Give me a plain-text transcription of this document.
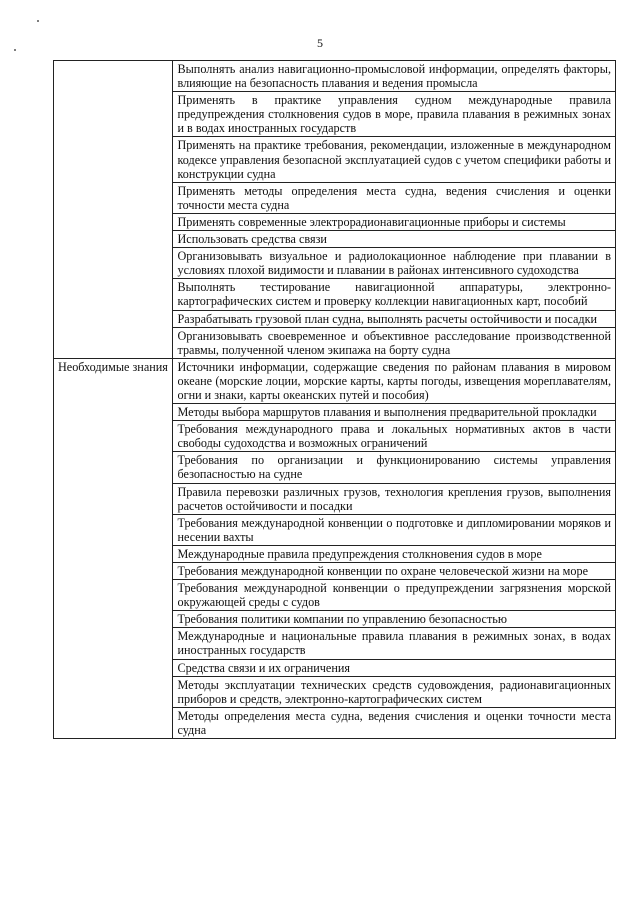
5
	Выполнять анализ навигационно-промысловой информации, определять факторы, влияющие на безопасность плавания и ведения промысла
	Применять в практике управления судном международные правила предупреждения столкновения судов в море, правила плавания в режимных зонах и в водах иностранных государств
	Применять на практике требования, рекомендации, изложенные в международном кодексе управления безопасной эксплуатацией судов с учетом специфики работы и конструкции судна
	Применять методы определения места судна, ведения счисления и оценки точности места судна
	Применять современные электрорадионавигационные приборы и системы
	Использовать средства связи
	Организовывать визуальное и радиолокационное наблюдение при плавании в условиях плохой видимости и плавании в районах интенсивного судоходства
	Выполнять тестирование навигационной аппаратуры, электронно-картографических систем и проверку коллекции навигационных карт, пособий
	Разрабатывать грузовой план судна, выполнять расчеты остойчивости и посадки
	Организовывать своевременное и объективное расследование производственной травмы, полученной членом экипажа на борту судна
Необходимые знания	Источники информации, содержащие сведения по районам плавания в мировом океане (морские лоции, морские карты, карты погоды, извещения мореплавателям, огни и знаки, карты океанских путей и пособия)
	Методы выбора маршрутов плавания и выполнения предварительной прокладки
	Требования международного права и локальных нормативных актов в части свободы судоходства и возможных ограничений
	Требования по организации и функционированию системы управления безопасностью на судне
	Правила перевозки различных грузов, технология крепления грузов, выполнения расчетов остойчивости и посадки
	Требования международной конвенции о подготовке и дипломировании моряков и несении вахты
	Международные правила предупреждения столкновения судов в море
	Требования международной конвенции по охране человеческой жизни на море
	Требования международной конвенции о предупреждении загрязнения морской окружающей среды с судов
	Требования политики компании по управлению безопасностью
	Международные и национальные правила плавания в режимных зонах, в водах иностранных государств
	Средства связи и их ограничения
	Методы эксплуатации технических средств судовождения, радионавигационных приборов и средств, электронно-картографических систем
	Методы определения места судна, ведения счисления и оценки точности места судна
